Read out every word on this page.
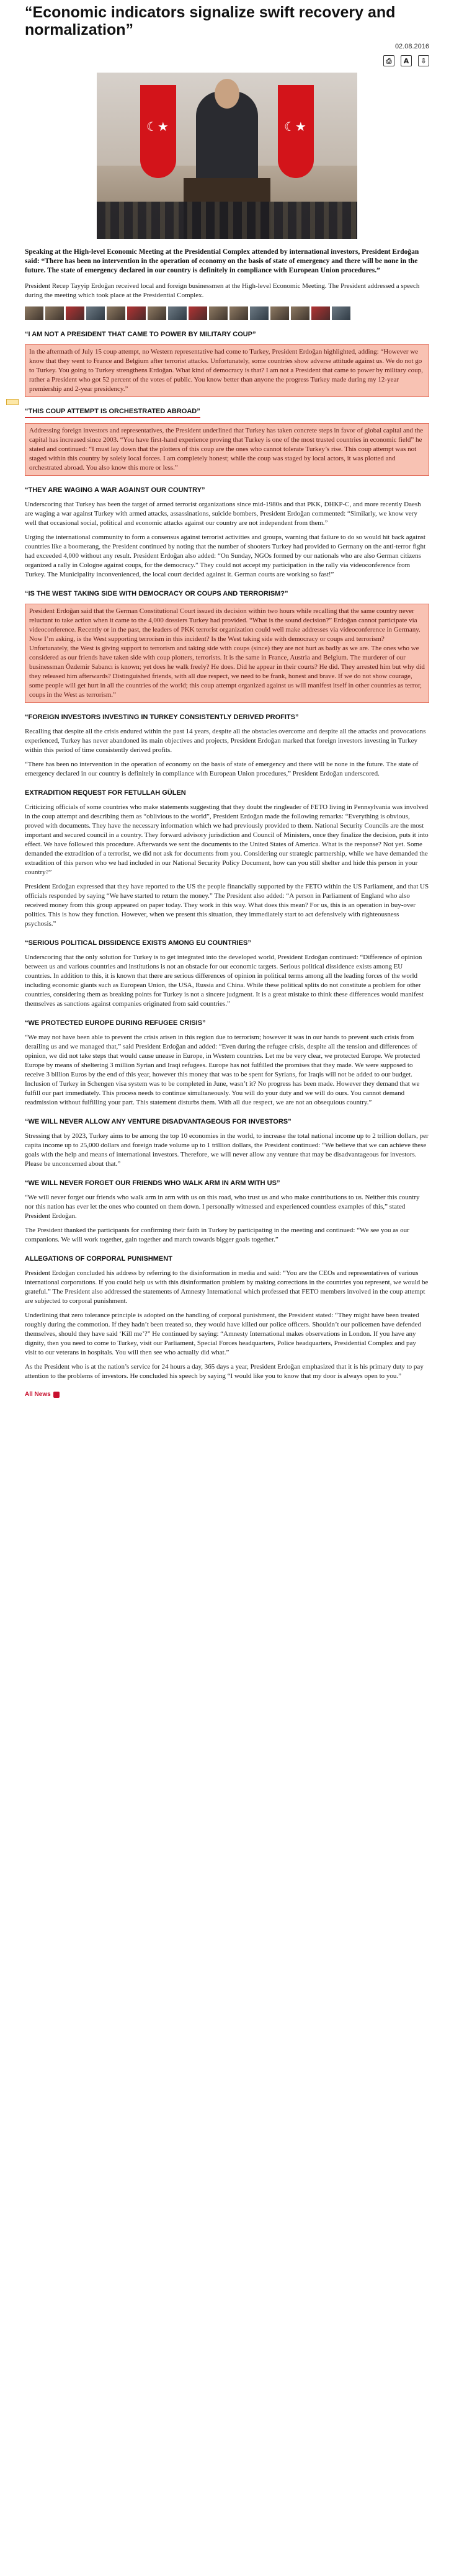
“Economic indicators signalize swift recovery and normalization”
02.08.2016
⎙	A	⇩
☾★
☾★

Speaking at the High-level Economic Meeting at the Presidential Complex attended by international investors, President Erdoğan said: “There has been no intervention in the operation of economy on the basis of state of emergency and there will be none in the future. The state of emergency declared in our country is definitely in compliance with European Union procedures.”

President Recep Tayyip Erdoğan received local and foreign businessmen at the High-level Economic Meeting. The President addressed a speech during the meeting which took place at the Presidential Complex.

“I AM NOT A PRESIDENT THAT CAME TO POWER BY MILITARY COUP”

In the aftermath of July 15 coup attempt, no Western representative had come to Turkey, President Erdoğan highlighted, adding: “However we know that they went to France and Belgium after terrorist attacks. Unfortunately, some countries show adverse attitude against us. We do not go to Turkey. You going to Turkey strengthens Erdoğan. What kind of democracy is that? I am not a President that came to power by military coup, rather a President who got 52 percent of the votes of public. You know better than anyone the progress Turkey made during my 12-year premiership and 2-year presidency.”

“THIS COUP ATTEMPT IS ORCHESTRATED ABROAD”

Addressing foreign investors and representatives, the President underlined that Turkey has taken concrete steps in favor of global capital and the capital has increased since 2003. “You have first-hand experience proving that Turkey is one of the most trusted countries in economic field” he stated and continued: “I must lay down that the plotters of this coup are the ones who cannot tolerate Turkey’s rise. This coup attempt was not staged within this country by solely local forces. I am completely honest; while the coup was staged by local actors, it was plotted and orchestrated abroad. You also know this more or less.”

“THEY ARE WAGING A WAR AGAINST OUR COUNTRY”

Underscoring that Turkey has been the target of armed terrorist organizations since mid-1980s and that PKK, DHKP-C, and more recently Daesh are waging a war against Turkey with armed attacks, assassinations, suicide bombers, President Erdoğan commented: “Similarly, we know very well that occasional social, political and economic attacks against our country are not independent from them.”

Urging the international community to form a consensus against terrorist activities and groups, warning that failure to do so would hit back against countries like a boomerang, the President continued by noting that the number of shooters Turkey had provided to Germany on the anti-terror fight had exceeded 4,000 without any result. President Erdoğan also added: “On Sunday, NGOs formed by our nationals who are also German citizens organized a rally in Cologne against coups, for the democracy.” They could not accept my participation in the rally via videoconference from Turkey. The Municipality inconvenienced, the local court decided against it. German courts are working so fast!”

“IS THE WEST TAKING SIDE WITH DEMOCRACY OR COUPS AND TERRORISM?”

President Erdoğan said that the German Constitutional Court issued its decision within two hours while recalling that the same country never reluctant to take action when it came to the 4,000 dossiers Turkey had provided. “What is the sound decision?” Erdoğan cannot participate via videoconference. Recently or in the past, the leaders of PKK terrorist organization could well make addresses via videoconference in Germany. Now I’m asking, is the West supporting terrorism in this incident? Is the West taking side with democracy or coups and terrorism? Unfortunately, the West is giving support to terrorism and taking side with coups (since) they are not hurt as badly as we are. The ones who we considered as our friends have taken side with coup plotters, terrorists. It is the same in France, Austria and Belgium. The murderer of our businessman Özdemir Sabancı is known; yet does he walk freely? He does. Did he appear in their courts? He did. They arrested him but why did they released him afterwards? Distinguished friends, with all due respect, we need to be frank, honest and brave. If we do not show courage, some people will get hurt in all the countries of the world; this coup attempt organized against us will manifest itself in other countries as terror, coups in the West as terrorism.”

“FOREIGN INVESTORS INVESTING IN TURKEY CONSISTENTLY DERIVED PROFITS”

Recalling that despite all the crisis endured within the past 14 years, despite all the obstacles overcome and despite all the attacks and provocations experienced, Turkey has never abandoned its main objectives and projects, President Erdoğan marked that foreign investors investing in Turkey within this period of time consistently derived profits.

“There has been no intervention in the operation of economy on the basis of state of emergency and there will be none in the future. The state of emergency declared in our country is definitely in compliance with European Union procedures,” President Erdoğan underscored.

EXTRADITION REQUEST FOR FETULLAH GÜLEN

Criticizing officials of some countries who make statements suggesting that they doubt the ringleader of FETO living in Pennsylvania was involved in the coup attempt and describing them as “oblivious to the world”, President Erdoğan made the following remarks: “Everything is obvious, proved with documents. They have the necessary information which we had previously provided to them. National Security Councils are the most important and secured council in a country. They forward advisory jurisdiction and Council of Ministers, once they finalize the decision, puts it into effect. We have followed this procedure. Afterwards we sent the documents to the United States of America. What is the response? Not yet. Some demanded the extradition of a terrorist, we did not ask for documents from you. Considering our strategic partnership, while we have demanded the extradition of this person who we had included in our National Security Policy Document, how can you still shelter and hide this person in your country?”

President Erdoğan expressed that they have reported to the US the people financially supported by the FETO within the US Parliament, and that US officials responded by saying “We have started to return the money.” The President also added: “A person in Parliament of England who also received money from this group appeared on paper today. They work in this way. What does this mean? For us, this is an operation in buy-over politics. This is how they function. However, when we present this situation, they immediately start to act defensively with righteousness psychosis.”

“SERIOUS POLITICAL DISSIDENCE EXISTS AMONG EU COUNTRIES”

Underscoring that the only solution for Turkey is to get integrated into the developed world, President Erdoğan continued: “Difference of opinion between us and various countries and institutions is not an obstacle for our economic targets. Serious political dissidence exists among EU countries. In addition to this, it is known that there are serious differences of opinion in political terms among all the leading forces of the world including economic giants such as European Union, the USA, Russia and China. While these political splits do not constitute a problem for other countries, considering them as breaking points for Turkey is not a sincere judgment. It is a great mistake to think these differences would manifest themselves as sanctions against companies originated from said countries.”

“WE PROTECTED EUROPE DURING REFUGEE CRISIS”

“We may not have been able to prevent the crisis arisen in this region due to terrorism; however it was in our hands to prevent such crisis from derailing us and we managed that,” said President Erdoğan and added: “Even during the refugee crisis, despite all the tension and differences of opinion, we did not take steps that would cause unease in Europe, in Western countries. Let me be very clear, we protected Europe. We protected Europe by means of sheltering 3 million Syrian and Iraqi refugees. Europe has not fulfilled the promises that they made. We were supposed to receive 3 billion Euros by the end of this year, however this money that was to be spent for Syrians, for Iraqis will not be added to our budget. Inclusion of Turkey in Schengen visa system was to be completed in June, wasn’t it? No progress has been made. However they demand that we fulfill our part immediately. This process needs to continue simultaneously. You will do your duty and we will do ours. You cannot demand readmission without fulfilling your part. This statement disturbs them. With all due respect, we are not an obsequious country.”

“WE WILL NEVER ALLOW ANY VENTURE DISADVANTAGEOUS FOR INVESTORS”

Stressing that by 2023, Turkey aims to be among the top 10 economies in the world, to increase the total national income up to 2 trillion dollars, per capita income up to 25,000 dollars and foreign trade volume up to 1 trillion dollars, the President continued: “We believe that we can achieve these goals with the help and means of international investors. Therefore, we will never allow any venture that may be disadvantageous for investors. Please be unconcerned about that.”

“WE WILL NEVER FORGET OUR FRIENDS WHO WALK ARM IN ARM WITH US”

“We will never forget our friends who walk arm in arm with us on this road, who trust us and who make contributions to us. Neither this country nor this nation has ever let the ones who counted on them down. I personally witnessed and experienced countless examples of this,” stated President Erdoğan.

The President thanked the participants for confirming their faith in Turkey by participating in the meeting and continued: “We see you as our companions. We will work together, gain together and march towards bigger goals together.”

ALLEGATIONS OF CORPORAL PUNISHMENT

President Erdoğan concluded his address by referring to the disinformation in media and said: “You are the CEOs and representatives of various international corporations. If you could help us with this disinformation problem by making corrections in the countries you represent, we would be grateful.” The President also addressed the statements of Amnesty International which professed that FETO members involved in the coup attempt are subjected to corporal punishment.

Underlining that zero tolerance principle is adopted on the handling of corporal punishment, the President stated: “They might have been treated roughly during the commotion. If they hadn’t been treated so, they would have killed our police officers. Shouldn’t our policemen have defended themselves, should they have said ‘Kill me’?” He continued by saying: “Amnesty International makes observations in London. If you have any dignity, then you need to come to Turkey, visit our Parliament, Special Forces headquarters, Police headquarters, Presidential Complex and pay visit to our veterans in hospitals. You will then see who actually did what.”

As the President who is at the nation’s service for 24 hours a day, 365 days a year, President Erdoğan emphasized that it is his primary duty to pay attention to the problems of investors. He concluded his speech by saying “I would like you to know that my door is always open to you.”

All News
